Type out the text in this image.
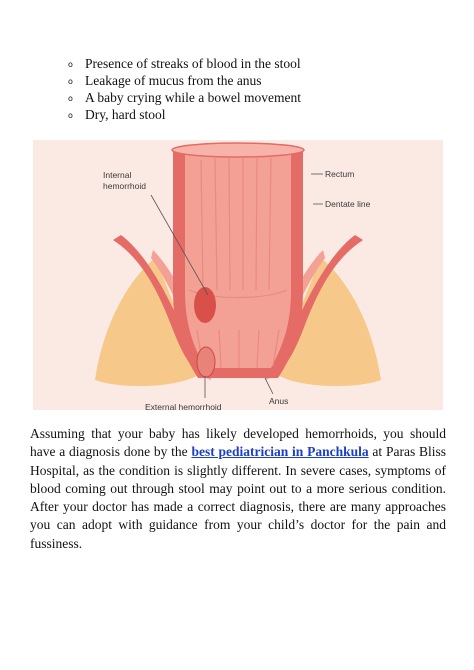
o Presence of streaks of blood in the stool
o Leakage of mucus from the anus
o A baby crying while a bowel movement
o Dry, hard stool
Internal
hemorrhoid
Rectum
Dentate line
Anus
External hemorrhoid

Assuming that your baby has likely developed hemorrhoids, you should have a diagnosis done by the best pediatrician in Panchkula at Paras Bliss Hospital, as the condition is slightly different. In severe cases, symptoms of blood coming out through stool may point out to a more serious condition. After your doctor has made a correct diagnosis, there are many approaches you can adopt with guidance from your child’s doctor for the pain and fussiness.
